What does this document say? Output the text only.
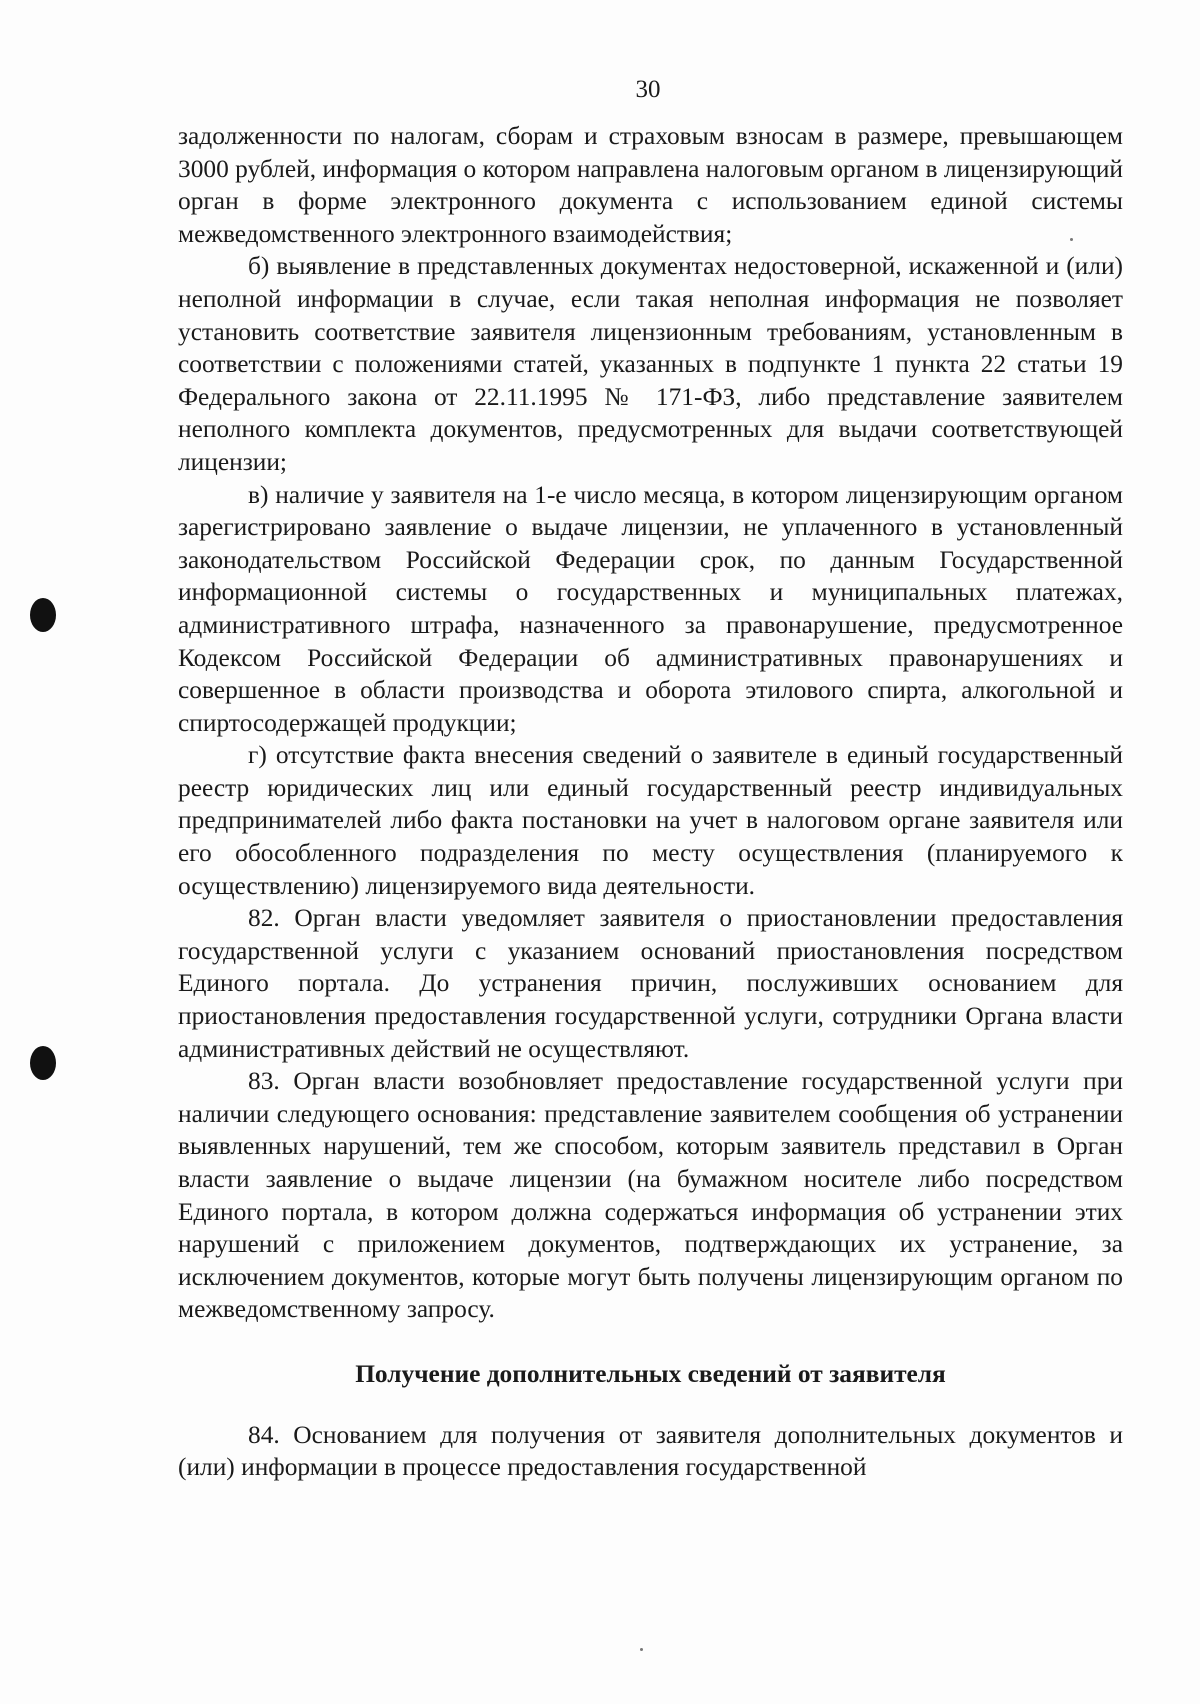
30

задолженности по налогам, сборам и страховым взносам в размере, превышающем 3000 рублей, информация о котором направлена налоговым органом в лицензирующий орган в форме электронного документа с использованием единой системы межведомственного электронного взаимодействия;

б) выявление в представленных документах недостоверной, искаженной и (или) неполной информации в случае, если такая неполная информация не позволяет установить соответствие заявителя лицензионным требованиям, установленным в соответствии с положениями статей, указанных в подпункте 1 пункта 22 статьи 19 Федерального закона от 22.11.1995 № 171-ФЗ, либо представление заявителем неполного комплекта документов, предусмотренных для выдачи соответствующей лицензии;

в) наличие у заявителя на 1-е число месяца, в котором лицензирующим органом зарегистрировано заявление о выдаче лицензии, не уплаченного в установленный законодательством Российской Федерации срок, по данным Государственной информационной системы о государственных и муниципальных платежах, административного штрафа, назначенного за правонарушение, предусмотренное Кодексом Российской Федерации об административных правонарушениях и совершенное в области производства и оборота этилового спирта, алкогольной и спиртосодержащей продукции;

г) отсутствие факта внесения сведений о заявителе в единый государственный реестр юридических лиц или единый государственный реестр индивидуальных предпринимателей либо факта постановки на учет в налоговом органе заявителя или его обособленного подразделения по месту осуществления (планируемого к осуществлению) лицензируемого вида деятельности.

82. Орган власти уведомляет заявителя о приостановлении предоставления государственной услуги с указанием оснований приостановления посредством Единого портала. До устранения причин, послуживших основанием для приостановления предоставления государственной услуги, сотрудники Органа власти административных действий не осуществляют.

83. Орган власти возобновляет предоставление государственной услуги при наличии следующего основания: представление заявителем сообщения об устранении выявленных нарушений, тем же способом, которым заявитель представил в Орган власти заявление о выдаче лицензии (на бумажном носителе либо посредством Единого портала, в котором должна содержаться информация об устранении этих нарушений с приложением документов, подтверждающих их устранение, за исключением документов, которые могут быть получены лицензирующим органом по межведомственному запросу.

Получение дополнительных сведений от заявителя

84. Основанием для получения от заявителя дополнительных документов и (или) информации в процессе предоставления государственной
